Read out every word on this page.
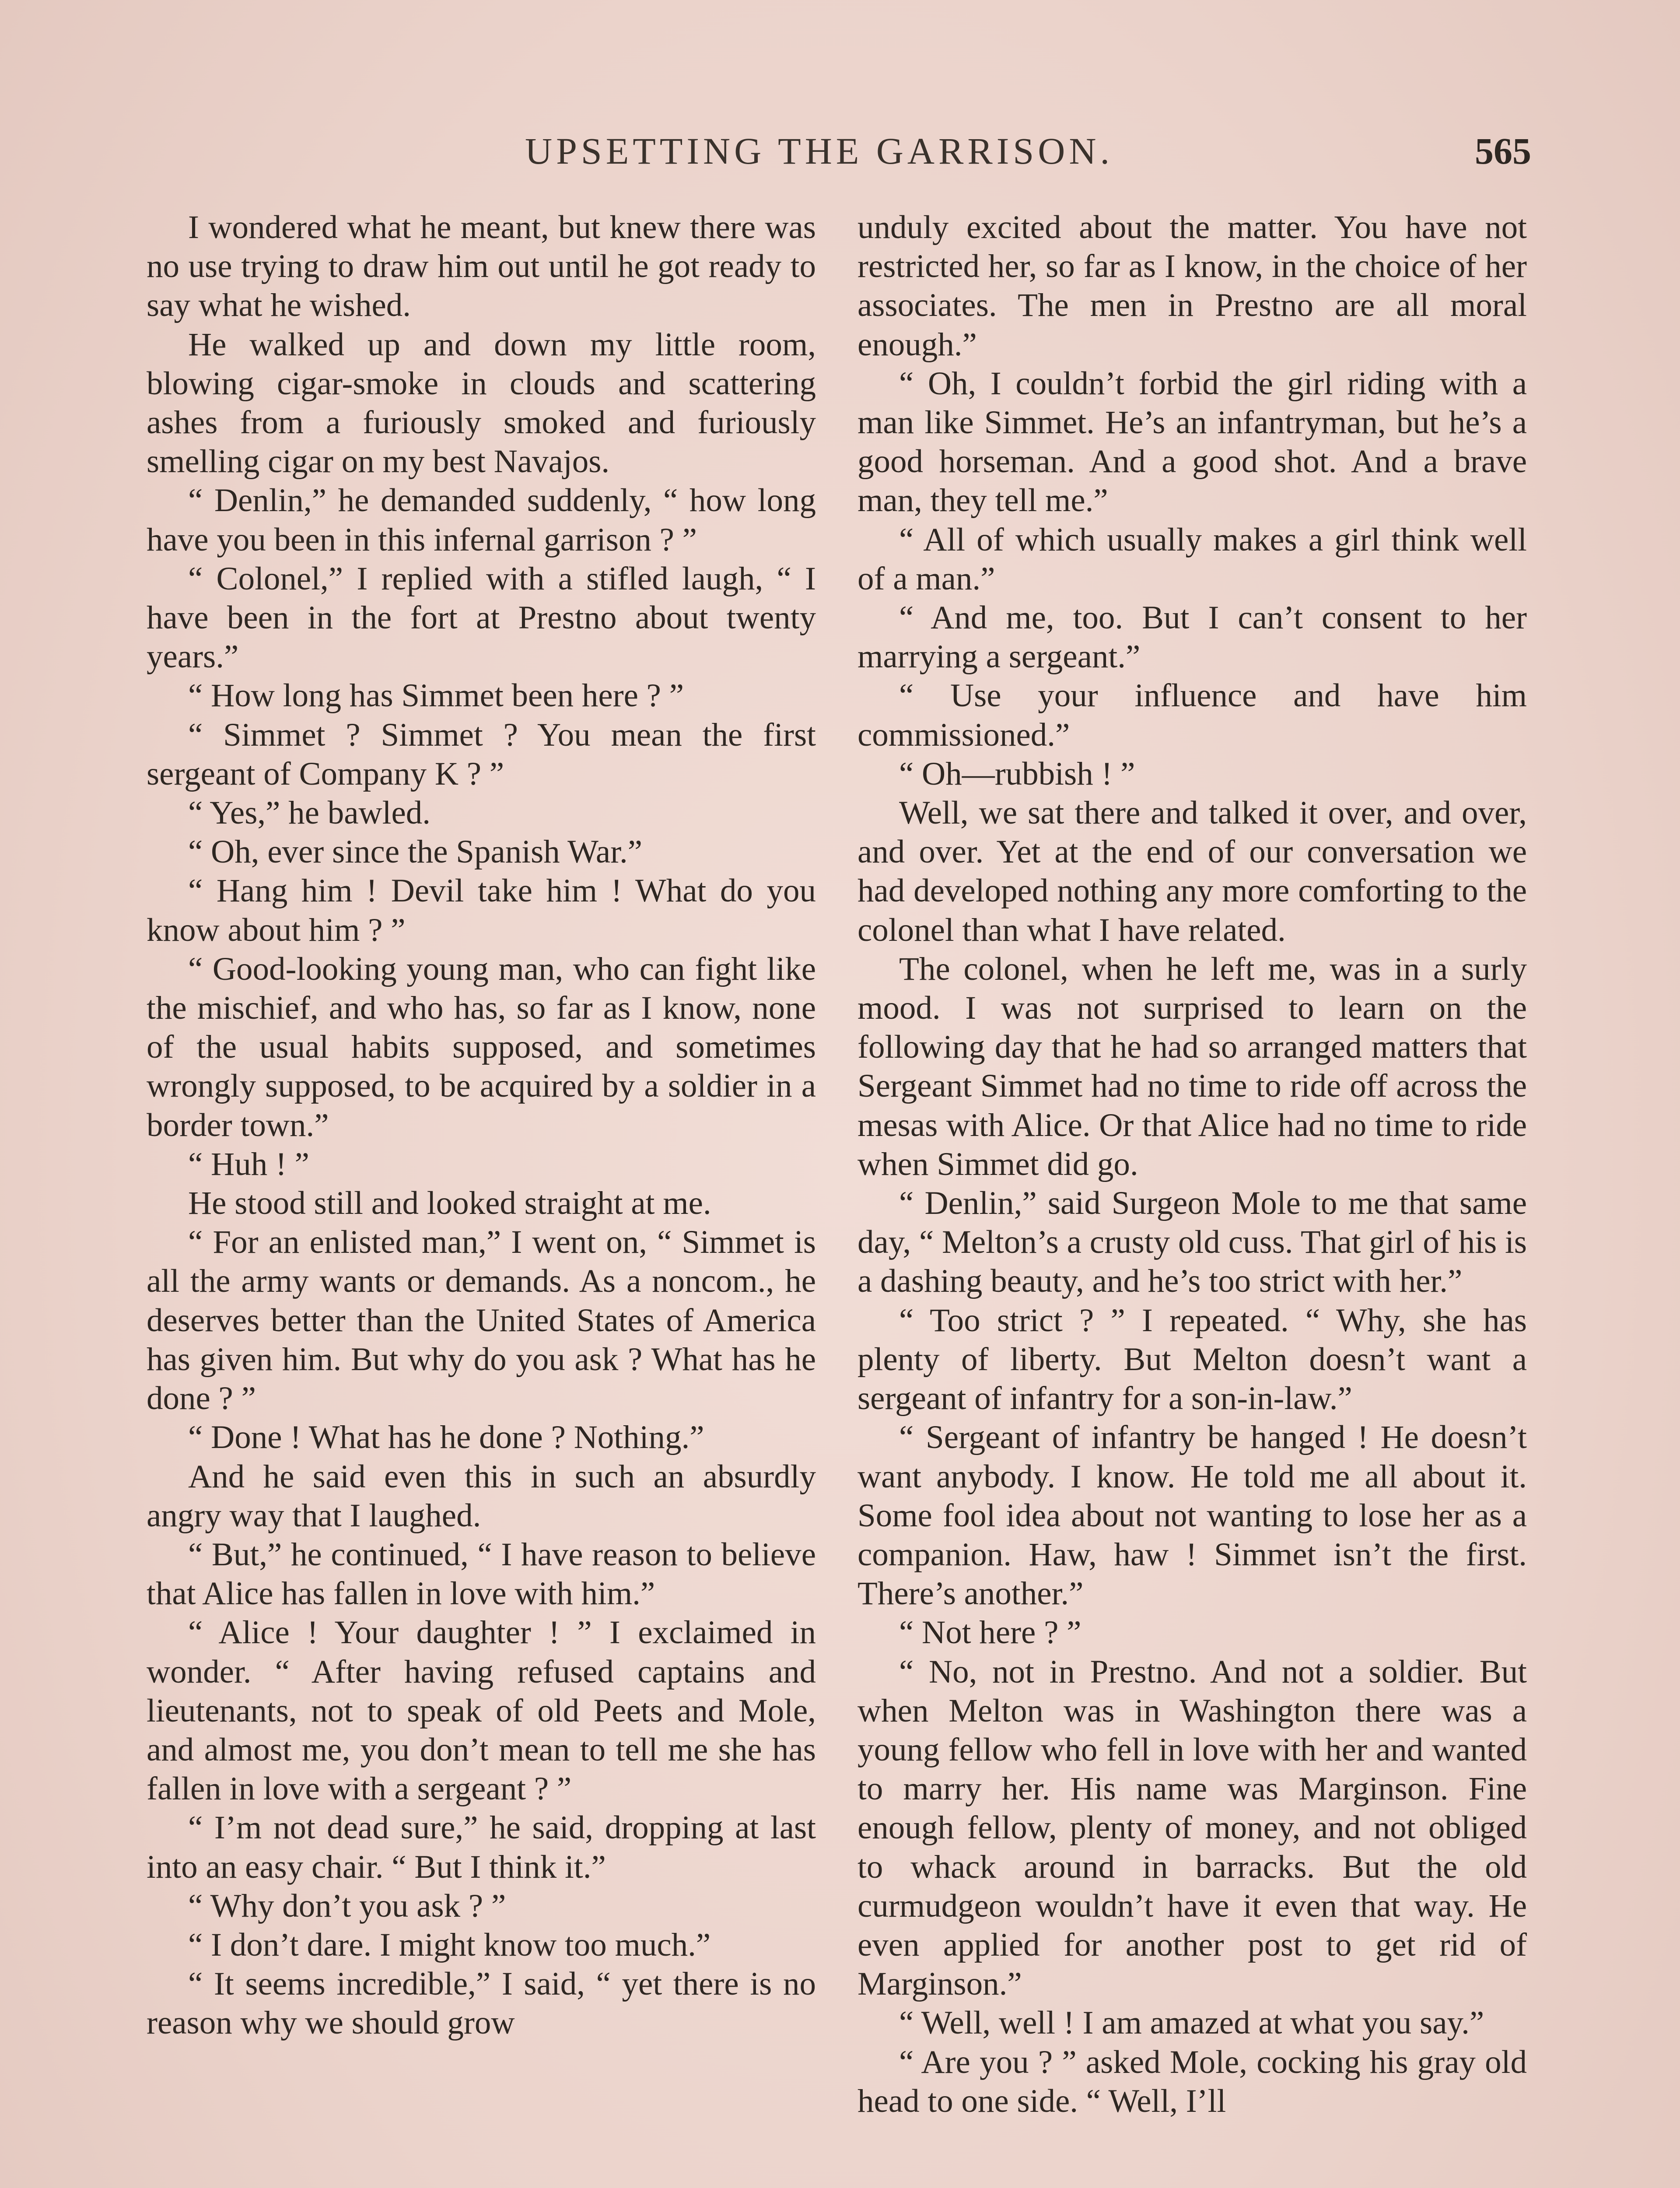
UPSETTING THE GARRISON.	565

I wondered what he meant, but knew there was no use trying to draw him out until he got ready to say what he wished.

He walked up and down my little room, blowing cigar-smoke in clouds and scattering ashes from a furiously smoked and furiously smelling cigar on my best Navajos.

“ Denlin,” he demanded suddenly, “ how long have you been in this infernal garrison ? ”

“ Colonel,” I replied with a stifled laugh, “ I have been in the fort at Prestno about twenty years.”

“ How long has Simmet been here ? ”

“ Simmet ? Simmet ? You mean the first sergeant of Company K ? ”

“ Yes,” he bawled.

“ Oh, ever since the Spanish War.”

“ Hang him ! Devil take him ! What do you know about him ? ”

“ Good-looking young man, who can fight like the mischief, and who has, so far as I know, none of the usual habits supposed, and sometimes wrongly supposed, to be acquired by a soldier in a border town.”

“ Huh ! ”

He stood still and looked straight at me.

“ For an enlisted man,” I went on, “ Simmet is all the army wants or demands. As a noncom., he deserves better than the United States of America has given him. But why do you ask ? What has he done ? ”

“ Done ! What has he done ? Nothing.”

And he said even this in such an absurdly angry way that I laughed.

“ But,” he continued, “ I have reason to believe that Alice has fallen in love with him.”

“ Alice ! Your daughter ! ” I exclaimed in wonder. “ After having refused captains and lieutenants, not to speak of old Peets and Mole, and almost me, you don’t mean to tell me she has fallen in love with a sergeant ? ”

“ I’m not dead sure,” he said, dropping at last into an easy chair. “ But I think it.”

“ Why don’t you ask ? ”

“ I don’t dare. I might know too much.”

“ It seems incredible,” I said, “ yet there is no reason why we should grow

unduly excited about the matter. You have not restricted her, so far as I know, in the choice of her associates. The men in Prestno are all moral enough.”

“ Oh, I couldn’t forbid the girl riding with a man like Simmet. He’s an infantryman, but he’s a good horseman. And a good shot. And a brave man, they tell me.”

“ All of which usually makes a girl think well of a man.”

“ And me, too. But I can’t consent to her marrying a sergeant.”

“ Use your influence and have him commissioned.”

“ Oh—rubbish ! ”

Well, we sat there and talked it over, and over, and over. Yet at the end of our conversation we had developed nothing any more comforting to the colonel than what I have related.

The colonel, when he left me, was in a surly mood. I was not surprised to learn on the following day that he had so arranged matters that Sergeant Simmet had no time to ride off across the mesas with Alice. Or that Alice had no time to ride when Simmet did go.

“ Denlin,” said Surgeon Mole to me that same day, “ Melton’s a crusty old cuss. That girl of his is a dashing beauty, and he’s too strict with her.”

“ Too strict ? ” I repeated. “ Why, she has plenty of liberty. But Melton doesn’t want a sergeant of infantry for a son-in-law.”

“ Sergeant of infantry be hanged ! He doesn’t want anybody. I know. He told me all about it. Some fool idea about not wanting to lose her as a companion. Haw, haw ! Simmet isn’t the first. There’s another.”

“ Not here ? ”

“ No, not in Prestno. And not a soldier. But when Melton was in Washington there was a young fellow who fell in love with her and wanted to marry her. His name was Marginson. Fine enough fellow, plenty of money, and not obliged to whack around in barracks. But the old curmudgeon wouldn’t have it even that way. He even applied for another post to get rid of Marginson.”

“ Well, well ! I am amazed at what you say.”

“ Are you ? ” asked Mole, cocking his gray old head to one side. “ Well, I’ll
